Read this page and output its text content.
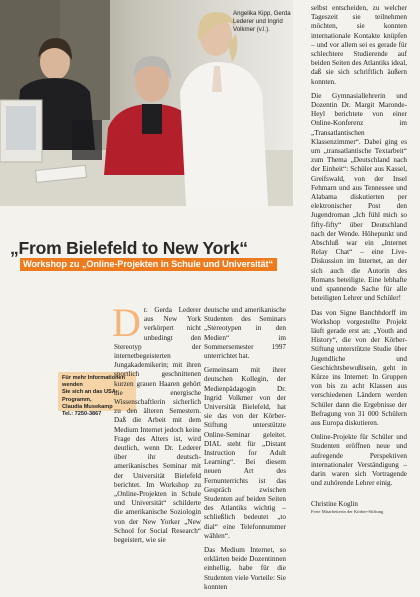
Angelika Kipp, Gerda Lederer und Ingrid Volkmer (v.l.).
„From Bielefeld to New York“
Workshop zu „Online-Projekten in Schule und Universität“
Für mehr Informationen wenden
Sie sich an das USA-Programm,
Claudia Musekamp
Tel.: 7250-3867

Dr. Gerda Lederer aus New York verkörpert nicht unbedingt den Stereotyp der internetbegeisterten Jungakademikerin; mit ihren sportlich geschnittenen kurzen grauen Haaren gehört die energische Wissenschaftlerin sicherlich zu den älteren Semestern. Daß die Arbeit mit dem Medium Internet jedoch keine Frage des Alters ist, wird deutlich, wenn Dr. Lederer über ihr deutsch-amerikanisches Seminar mit der Universität Bielefeld berichtet. Im Workshop zu „Online-Projekten in Schule und Universität“ schilderte die amerikanische Soziologin von der New Yorker „New School for Social Research“ begeistert, wie sie

deutsche und amerikanische Studenten des Seminars „Stereotypen in den Medien“ im Sommersemester 1997 unterrichtet hat.

Gemeinsam mit ihrer deutschen Kollegin, der Medienpädagogin Dr. Ingrid Volkmer von der Universität Bielefeld, hat sie das von der Körber-Stiftung unterstützte Online-Seminar geleitet. DIAL steht für „Distant Instruction for Adult Learning“. Bei diesem neuen Art des Fernunterrichts ist das Gespräch zwischen Studenten auf beiden Seiten des Atlantiks wichtig – schließlich bedeutet „to dial“ eine Telefonnummer wählen“.

Das Medium Internet, so erklärten beide Dozentinnen einhellig, habe für die Studenten viele Vorteile: Sie konnten

selbst entscheiden, zu welcher Tageszeit sie teilnehmen möchten, sie konnten internationale Kontakte knüpfen – und vor allem sei es gerade für schlechtere Studierende auf beiden Seiten des Atlantiks ideal, daß sie sich schriftlich äußern konnten.

Die Gymnasiallehrerin und Dozentin Dr. Margit Maronde-Heyl berichtete von einer Online-Konferenz im „Transatlantischen Klassenzimmer“. Dabei ging es um „transatlantische Textarbeit“ zum Thema „Deutschland nach der Einheit“: Schüler aus Kassel, Greifswald, von der Insel Fehmarn und aus Tennessee und Alabama diskutierten per elektronischer Post den Jugendroman „Ich fühl mich so fifty-fifty“ über Deutschland nach der Wende. Höhepunkt und Abschluß war ein „Internet Relay Chat“ – eine Live-Diskussion im Internet, an der sich auch die Autorin des Romans beteiligte. Eine lebhafte und spannende Sache für alle beteiligten Lehrer und Schüler!

Das von Signe Banchhdorff im Workshop vorgestellte Projekt läuft gerade erst an: „Youth and History“, die von der Körber-Stiftung unterstützte Studie über Jugendliche und Geschichtsbewußtsein, geht in Kürze ins Internet: In Gruppen von bis zu acht Klassen aus verschiedenen Ländern werden Schüler dann die Ergebnisse der Befragung von 31 000 Schülern aus Europa diskutieren.

Online-Projekte für Schüler und Studenten eröffnen neue und aufregende Perspektiven internationaler Verständigung – darin waren sich Vortragende und zuhörende Lehrer einig.

Christine Koglin
Freie Mitarbeiterin der Körber-Stiftung
